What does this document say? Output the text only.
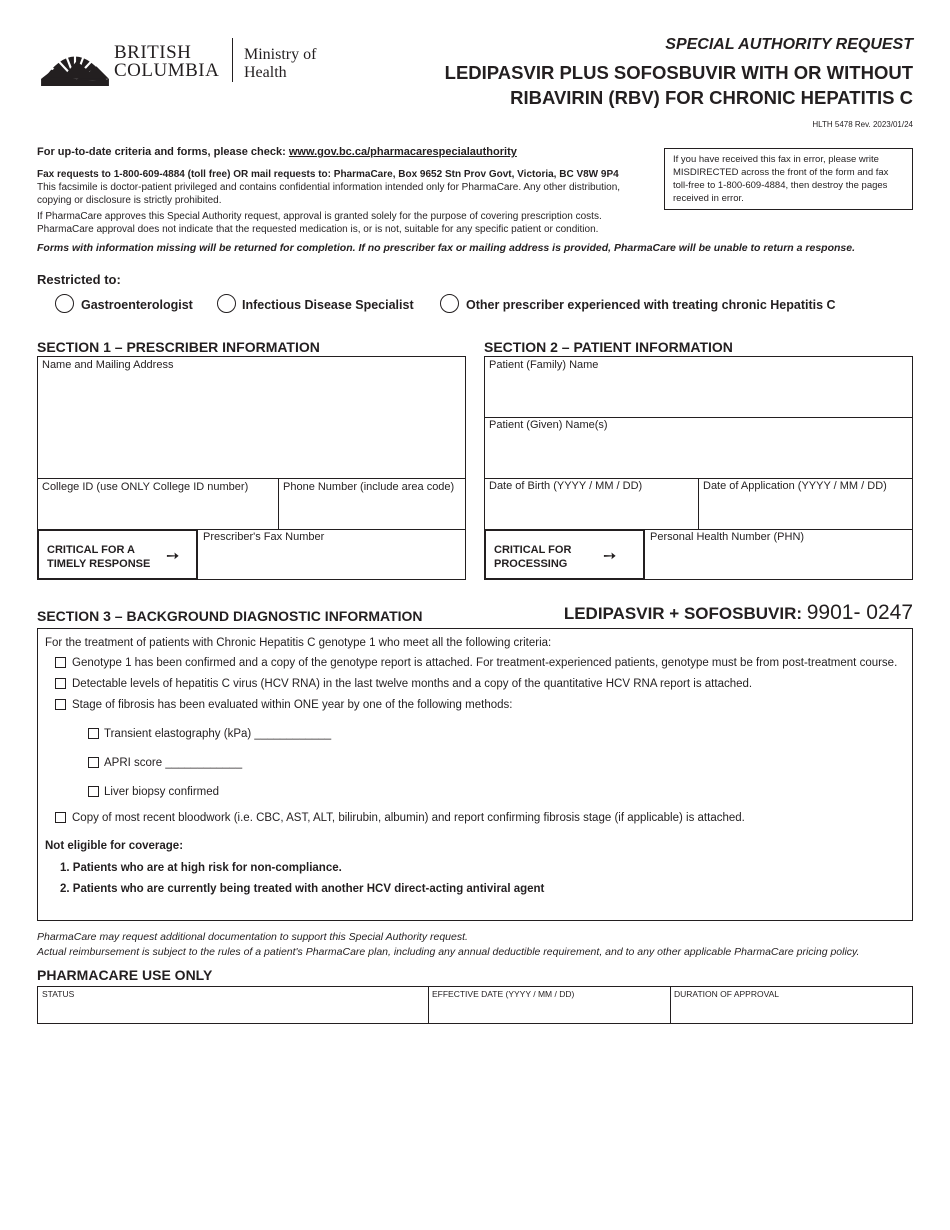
BRITISH
COLUMBIA
Ministry of
Health
SPECIAL AUTHORITY REQUEST
LEDIPASVIR PLUS SOFOSBUVIR WITH OR WITHOUT
RIBAVIRIN (RBV) FOR CHRONIC HEPATITIS C
HLTH 5478 Rev. 2023/01/24
For up-to-date criteria and forms, please check: www.gov.bc.ca/pharmacarespecialauthority
Fax requests to 1-800-609-4884 (toll free) OR mail requests to: PharmaCare, Box 9652 Stn Prov Govt, Victoria, BC V8W 9P4
This facsimile is doctor-patient privileged and contains confidential information intended only for PharmaCare. Any other distribution, copying or disclosure is strictly prohibited.
If PharmaCare approves this Special Authority request, approval is granted solely for the purpose of covering prescription costs. PharmaCare approval does not indicate that the requested medication is, or is not, suitable for any specific patient or condition.
Forms with information missing will be returned for completion. If no prescriber fax or mailing address is provided, PharmaCare will be unable to return a response.
If you have received this fax in error, please write MISDIRECTED across the front of the form and fax toll-free to 1-800-609-4884, then destroy the pages received in error.
Restricted to:
Gastroenterologist	Infectious Disease Specialist	Other prescriber experienced with treating chronic Hepatitis C
SECTION 1 – PRESCRIBER INFORMATION
Name and Mailing Address
College ID (use ONLY College ID number)	Phone Number (include area code)
CRITICAL FOR A
TIMELY RESPONSE ➙
Prescriber's Fax Number
SECTION 2 – PATIENT INFORMATION
Patient (Family) Name
Patient (Given) Name(s)
Date of Birth (YYYY / MM / DD)	Date of Application (YYYY / MM / DD)
CRITICAL FOR
PROCESSING	➙
Personal Health Number (PHN)
SECTION 3 – BACKGROUND DIAGNOSTIC INFORMATION	LEDIPASVIR + SOFOSBUVIR: 9901- 0247
For the treatment of patients with Chronic Hepatitis C genotype 1 who meet all the following criteria:
Genotype 1 has been confirmed and a copy of the genotype report is attached. For treatment-experienced patients, genotype must be from post-treatment course.
Detectable levels of hepatitis C virus (HCV RNA) in the last twelve months and a copy of the quantitative HCV RNA report is attached.
Stage of fibrosis has been evaluated within ONE year by one of the following methods:
Transient elastography (kPa) ____________
APRI score ____________
Liver biopsy confirmed
Copy of most recent bloodwork (i.e. CBC, AST, ALT, bilirubin, albumin) and report confirming fibrosis stage (if applicable) is attached.
Not eligible for coverage:
1. Patients who are at high risk for non-compliance.
2. Patients who are currently being treated with another HCV direct-acting antiviral agent
PharmaCare may request additional documentation to support this Special Authority request.
Actual reimbursement is subject to the rules of a patient's PharmaCare plan, including any annual deductible requirement, and to any other applicable PharmaCare pricing policy.
PHARMACARE USE ONLY
STATUS	EFFECTIVE DATE (YYYY / MM / DD)	DURATION OF APPROVAL
